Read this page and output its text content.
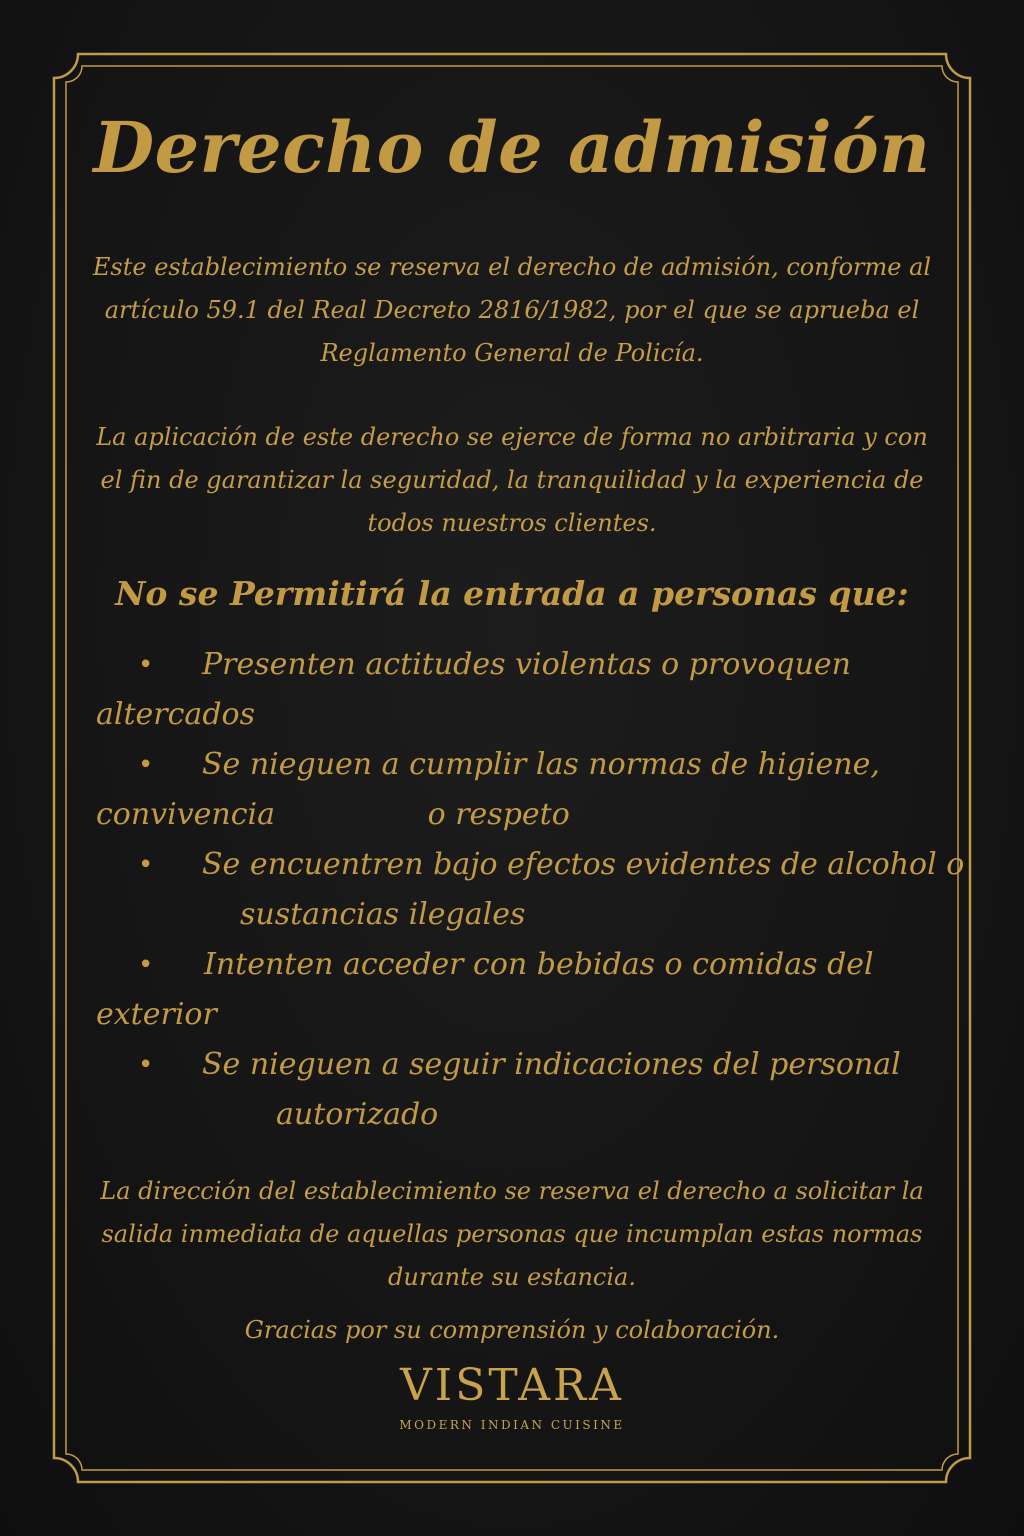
Derecho de admisión

Este establecimiento se reserva el derecho de admisión, conforme al artículo 59.1 del Real Decreto 2816/1982, por el que se aprueba el Reglamento General de Policía.

La aplicación de este derecho se ejerce de forma no arbitraria y con el fin de garantizar la seguridad, la tranquilidad y la experiencia de todos nuestros clientes.

No se Permitirá la entrada a personas que:
• Presenten actitudes violentas o provoquen
altercados
• Se nieguen a cumplir las normas de higiene,
convivencia                o respeto
• Se encuentren bajo efectos evidentes de alcohol o
sustancias ilegales
• Intenten acceder con bebidas o comidas del
exterior
• Se nieguen a seguir indicaciones del personal
autorizado

La dirección del establecimiento se reserva el derecho a solicitar la salida inmediata de aquellas personas que incumplan estas normas durante su estancia.

Gracias por su comprensión y colaboración.

VISTARA
MODERN INDIAN CUISINE
